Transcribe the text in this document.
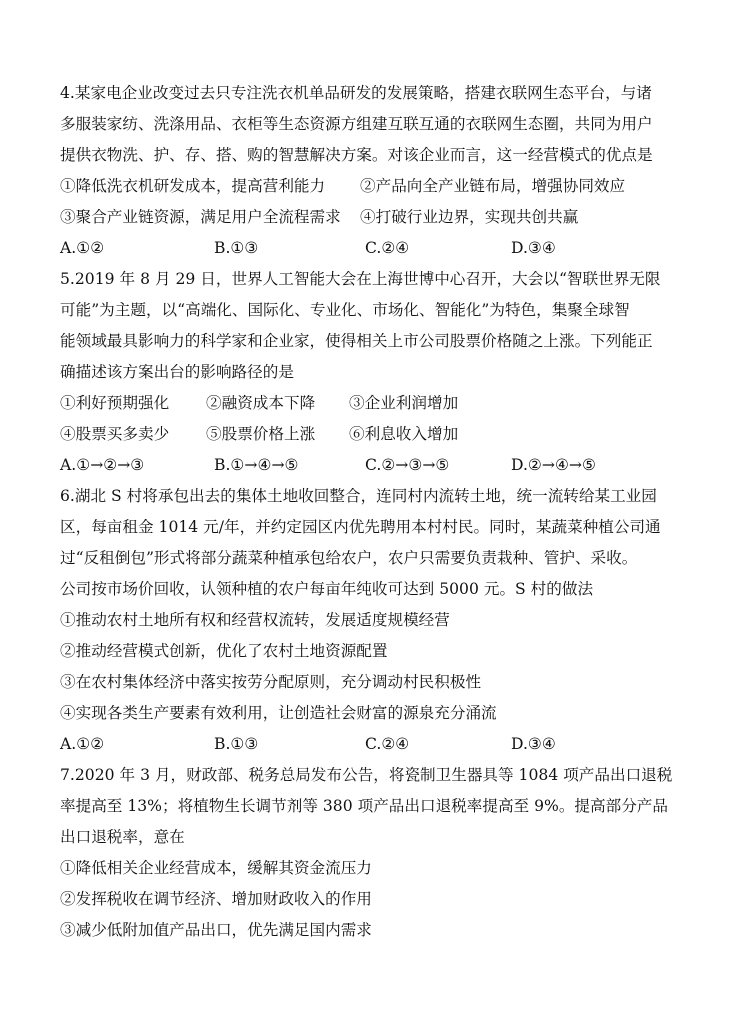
4.某家电企业改变过去只专注洗衣机单品研发的发展策略，搭建衣联网生态平台，与诸
多服装家纺、洗涤用品、衣柜等生态资源方组建互联互通的衣联网生态圈，共同为用户
提供衣物洗、护、存、搭、购的智慧解决方案。对该企业而言，这一经营模式的优点是
①降低洗衣机研发成本，提高营利能力	②产品向全产业链布局，增强协同效应
③聚合产业链资源，满足用户全流程需求	④打破行业边界，实现共创共赢
A.①②	B.①③	C.②④	D.③④
5.2019 年 8 月 29 日，世界人工智能大会在上海世博中心召开，大会以“智联世界无限
可能”为主题，以“高端化、国际化、专业化、市场化、智能化”为特色，集聚全球智
能领域最具影响力的科学家和企业家，使得相关上市公司股票价格随之上涨。下列能正
确描述该方案出台的影响路径的是
①利好预期强化	②融资成本下降	③企业利润增加
④股票买多卖少	⑤股票价格上涨	⑥利息收入增加
A.①→②→③	B.①→④→⑤	C.②→③→⑤	D.②→④→⑤
6.湖北 S 村将承包出去的集体土地收回整合，连同村内流转土地，统一流转给某工业园
区，每亩租金 1014 元/年，并约定园区内优先聘用本村村民。同时，某蔬菜种植公司通
过“反租倒包”形式将部分蔬菜种植承包给农户，农户只需要负责栽种、管护、采收。
公司按市场价回收，认领种植的农户每亩年纯收可达到 5000 元。S 村的做法
①推动农村土地所有权和经营权流转，发展适度规模经营
②推动经营模式创新，优化了农村土地资源配置
③在农村集体经济中落实按劳分配原则，充分调动村民积极性
④实现各类生产要素有效利用，让创造社会财富的源泉充分涌流
A.①②	B.①③	C.②④	D.③④
7.2020 年 3 月，财政部、税务总局发布公告，将瓷制卫生器具等 1084 项产品出口退税
率提高至 13%；将植物生长调节剂等 380 项产品出口退税率提高至 9%。提高部分产品
出口退税率，意在
①降低相关企业经营成本，缓解其资金流压力
②发挥税收在调节经济、增加财政收入的作用
③减少低附加值产品出口，优先满足国内需求
